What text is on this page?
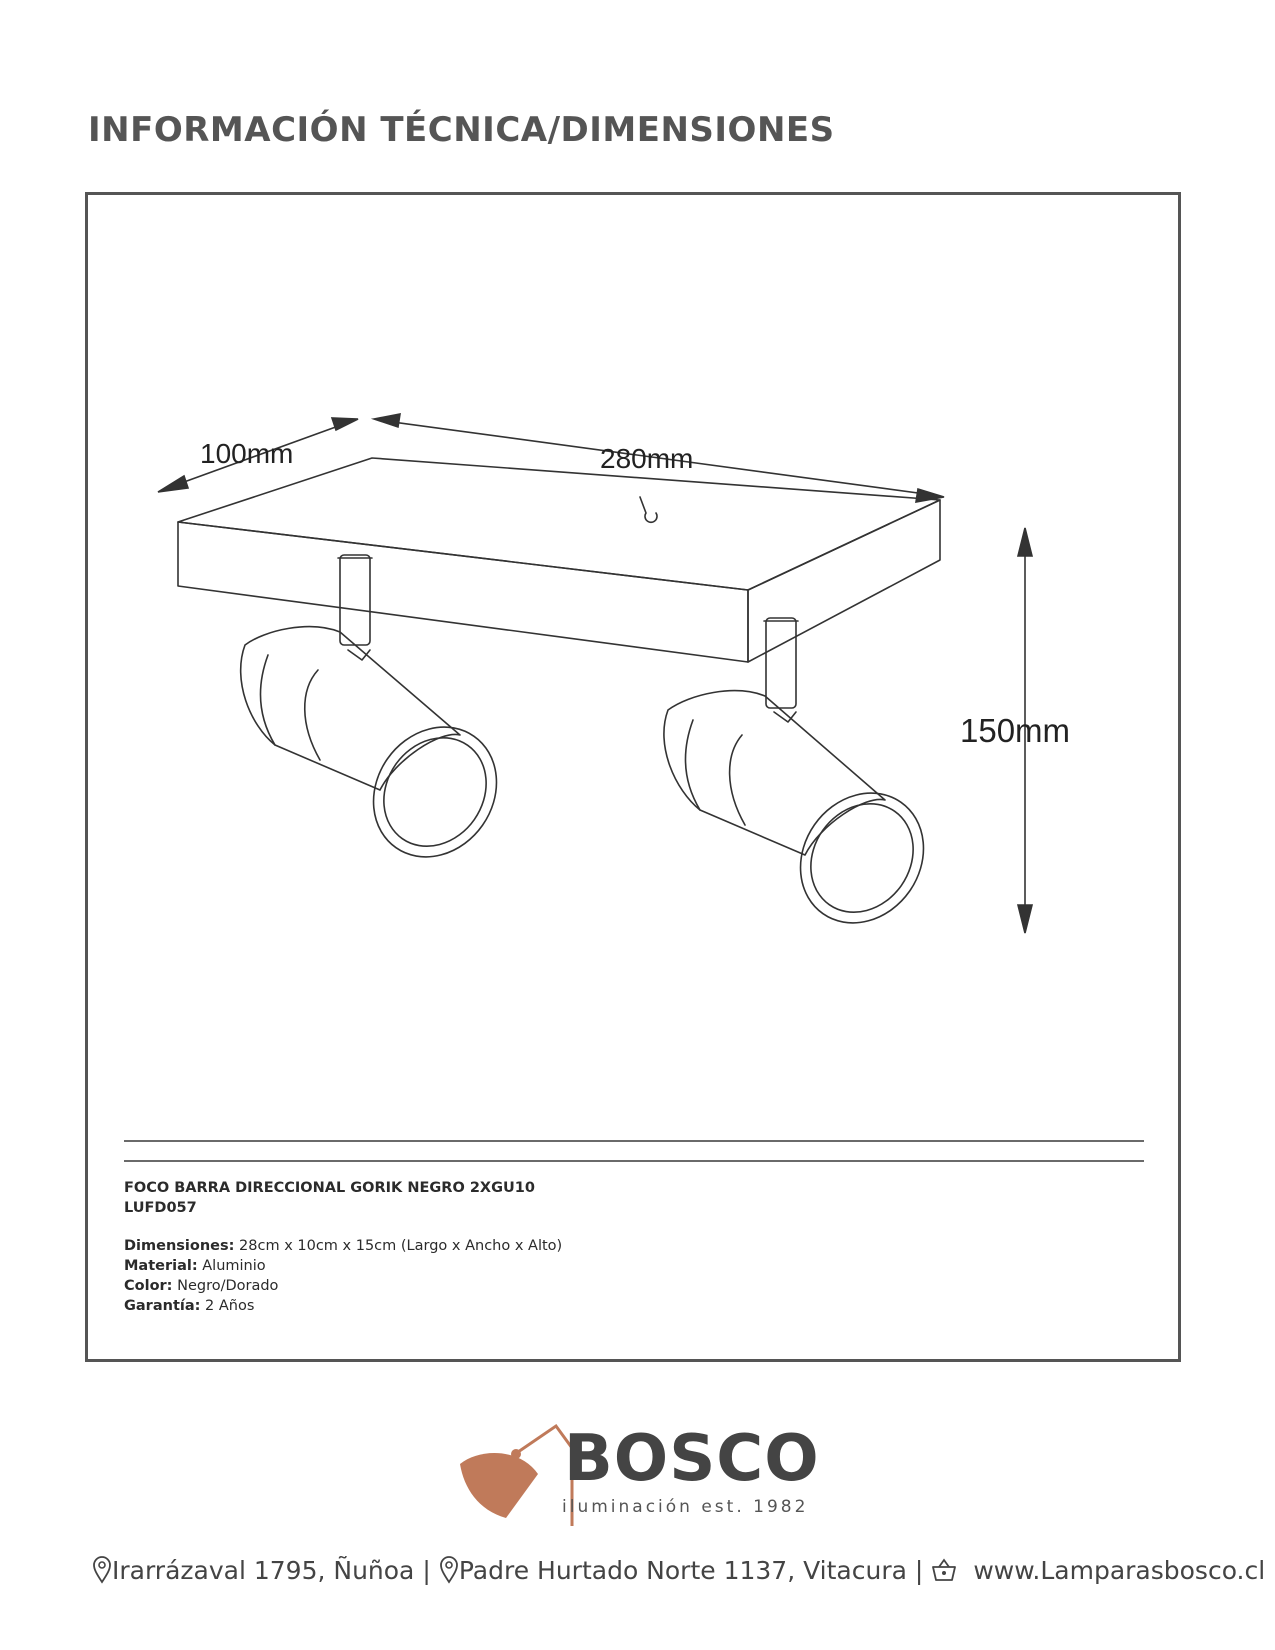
INFORMACIÓN TÉCNICA/DIMENSIONES
100mm	280mm
150mm
FOCO BARRA DIRECCIONAL GORIK NEGRO 2XGU10
LUFD057
Dimensiones: 28cm x 10cm x 15cm (Largo x Ancho x Alto)
Material: Aluminio
Color: Negro/Dorado
Garantía: 2 Años
BOSCO
iluminación est. 1982
Irarrázaval 1795, Ñuñoa | Padre Hurtado Norte 1137, Vitacura | www.Lamparasbosco.cl
